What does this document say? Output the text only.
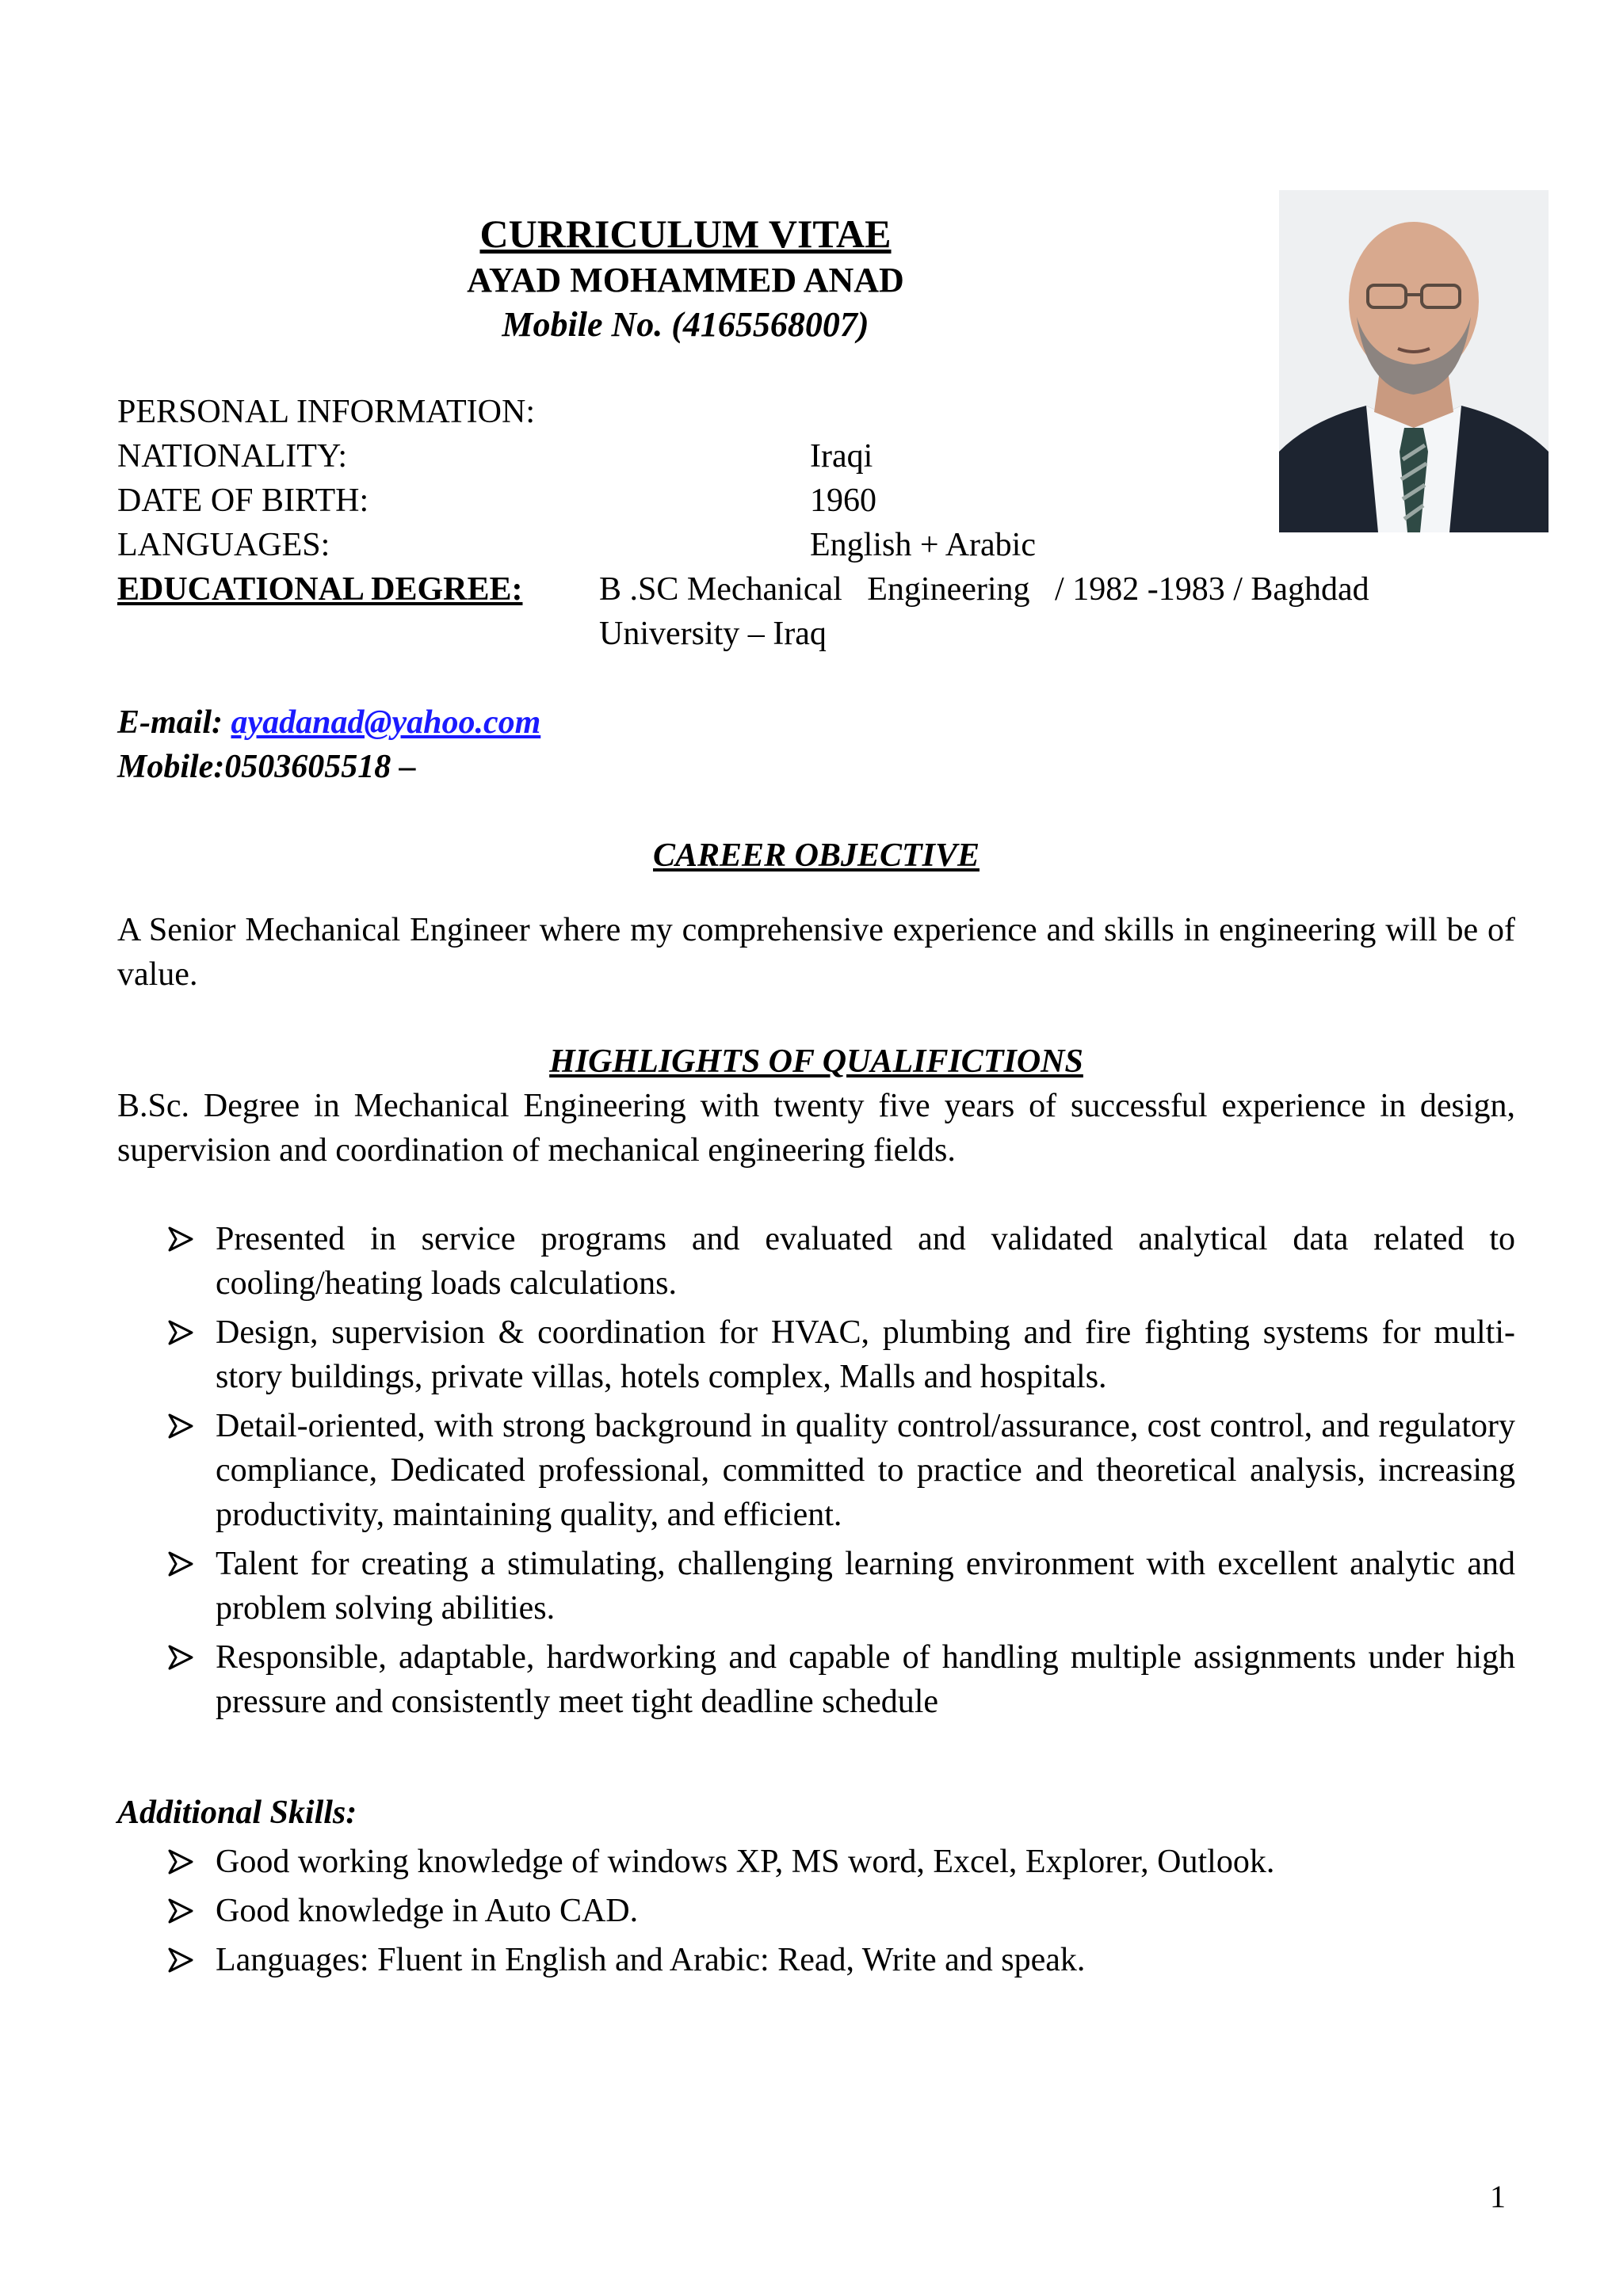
CURRICULUM VITAE
AYAD MOHAMMED ANAD
Mobile No. (4165568007)
PERSONAL INFORMATION:
NATIONALITY:	Iraqi
DATE OF BIRTH:	1960
LANGUAGES:	English + Arabic
EDUCATIONAL DEGREE: B .SC Mechanical   Engineering   / 1982 -1983 / Baghdad
University – Iraq
E-mail: ayadanad@yahoo.com
Mobile:0503605518 –
CAREER OBJECTIVE
A Senior Mechanical Engineer where my comprehensive experience and skills in engineering will be of value.
HIGHLIGHTS OF QUALIFICTIONS
B.Sc. Degree in Mechanical Engineering with twenty five years of successful experience in design, supervision and coordination of mechanical engineering fields.
Presented in service programs and evaluated and validated analytical data related to cooling/heating loads calculations.
Design, supervision & coordination for HVAC, plumbing and fire fighting systems for multi-story buildings, private villas, hotels complex, Malls and hospitals.
Detail-oriented, with strong background in quality control/assurance, cost control, and regulatory compliance, Dedicated professional, committed to practice and theoretical analysis, increasing productivity, maintaining quality, and efficient.
Talent for creating a stimulating, challenging learning environment with excellent analytic and problem solving abilities.
Responsible, adaptable, hardworking and capable of handling multiple assignments under high pressure and consistently meet tight deadline schedule
Additional Skills:
Good working knowledge of windows XP, MS word, Excel, Explorer, Outlook.
Good knowledge in Auto CAD.
Languages: Fluent in English and Arabic: Read, Write and speak.
1
